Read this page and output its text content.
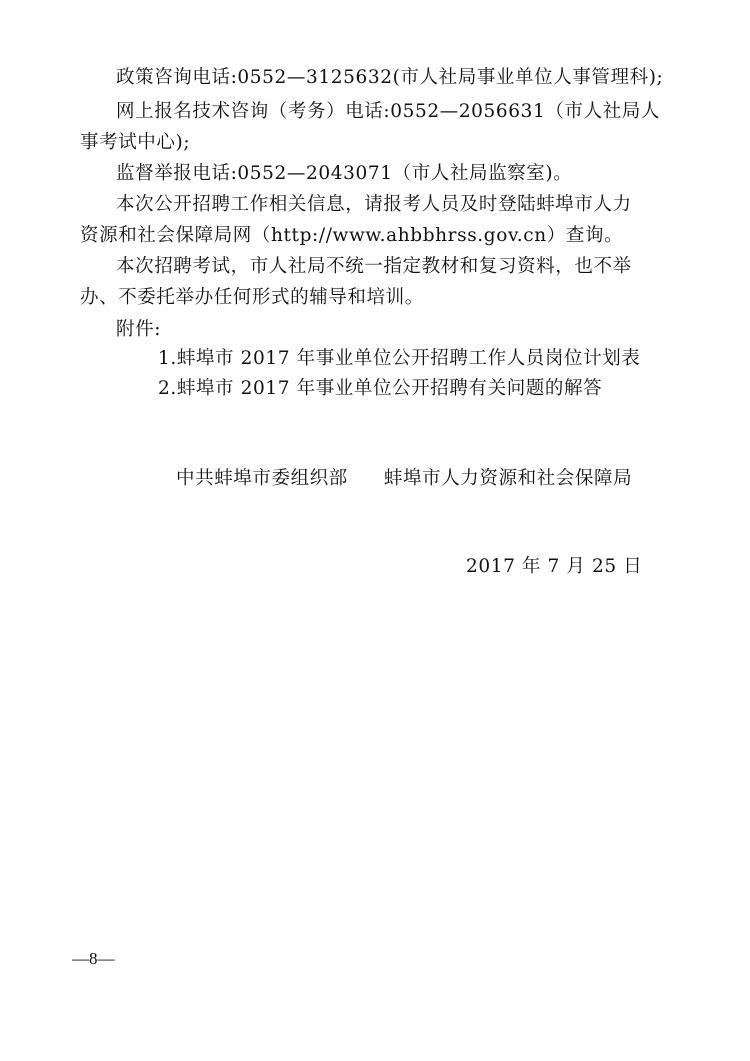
政策咨询电话:0552—3125632(市人社局事业单位人事管理科);
网上报名技术咨询（考务）电话:0552—2056631（市人社局人
事考试中心);
监督举报电话:0552—2043071（市人社局监察室)。
本次公开招聘工作相关信息，请报考人员及时登陆蚌埠市人力
资源和社会保障局网（http://www.ahbbhrss.gov.cn）查询。
本次招聘考试，市人社局不统一指定教材和复习资料，也不举
办、不委托举办任何形式的辅导和培训。
附件:
1.蚌埠市 2017 年事业单位公开招聘工作人员岗位计划表
2.蚌埠市 2017 年事业单位公开招聘有关问题的解答
中共蚌埠市委组织部 蚌埠市人力资源和社会保障局
2017 年 7 月 25 日
—8—
